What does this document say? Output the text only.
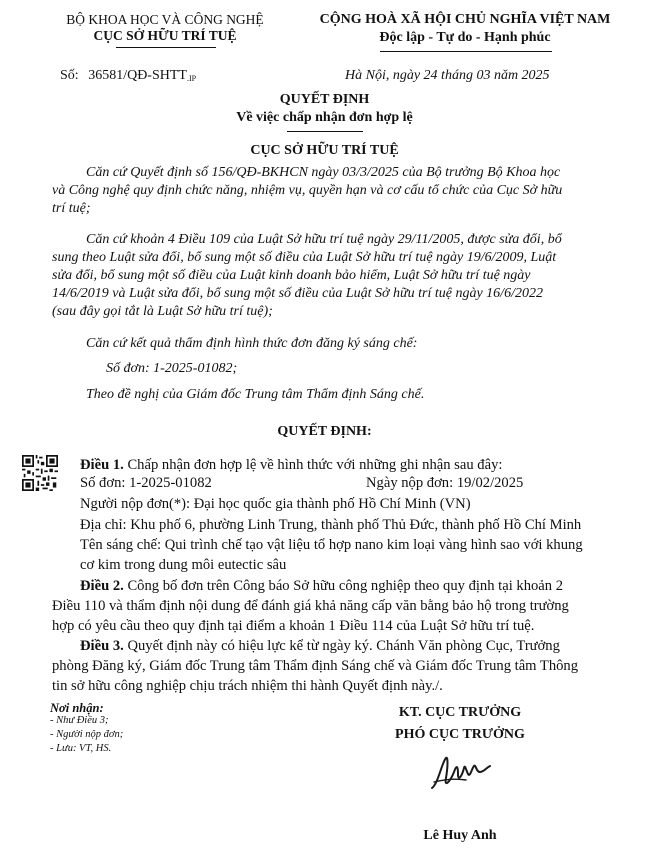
BỘ KHOA HỌC VÀ CÔNG NGHỆ
CỤC SỞ HỮU TRÍ TUỆ
CỘNG HOÀ XÃ HỘI CHỦ NGHĨA VIỆT NAM
Độc lập - Tự do - Hạnh phúc
Số: 36581/QĐ-SHTT.IP	Hà Nội, ngày 24 tháng 03 năm 2025
QUYẾT ĐỊNH
Về việc chấp nhận đơn hợp lệ
CỤC SỞ HỮU TRÍ TUỆ
Căn cứ Quyết định số 156/QĐ-BKHCN ngày 03/3/2025 của Bộ trưởng Bộ Khoa học
và Công nghệ quy định chức năng, nhiệm vụ, quyền hạn và cơ cấu tổ chức của Cục Sở hữu
trí tuệ;
Căn cứ khoản 4 Điều 109 của Luật Sở hữu trí tuệ ngày 29/11/2005, được sửa đổi, bổ
sung theo Luật sửa đổi, bổ sung một số điều của Luật Sở hữu trí tuệ ngày 19/6/2009, Luật
sửa đổi, bổ sung một số điều của Luật kinh doanh bảo hiểm, Luật Sở hữu trí tuệ ngày
14/6/2019 và Luật sửa đổi, bổ sung một số điều của Luật Sở hữu trí tuệ ngày 16/6/2022
(sau đây gọi tắt là Luật Sở hữu trí tuệ);
Căn cứ kết quả thẩm định hình thức đơn đăng ký sáng chế:
Số đơn: 1-2025-01082;
Theo đề nghị của Giám đốc Trung tâm Thẩm định Sáng chế.
QUYẾT ĐỊNH:
Điều 1. Chấp nhận đơn hợp lệ về hình thức với những ghi nhận sau đây:
Số đơn: 1-2025-01082	Ngày nộp đơn: 19/02/2025
Người nộp đơn(*): Đại học quốc gia thành phố Hồ Chí Minh (VN)
Địa chỉ: Khu phố 6, phường Linh Trung, thành phố Thủ Đức, thành phố Hồ Chí Minh
Tên sáng chế: Qui trình chế tạo vật liệu tổ hợp nano kim loại vàng hình sao với khung
cơ kim trong dung môi eutectic sâu
Điều 2. Công bố đơn trên Công báo Sở hữu công nghiệp theo quy định tại khoản 2
Điều 110 và thẩm định nội dung để đánh giá khả năng cấp văn bằng bảo hộ trong trường
hợp có yêu cầu theo quy định tại điểm a khoản 1 Điều 114 của Luật Sở hữu trí tuệ.
Điều 3. Quyết định này có hiệu lực kể từ ngày ký. Chánh Văn phòng Cục, Trưởng
phòng Đăng ký, Giám đốc Trung tâm Thẩm định Sáng chế và Giám đốc Trung tâm Thông
tin sở hữu công nghiệp chịu trách nhiệm thi hành Quyết định này./.
Nơi nhận:
- Như Điều 3;
- Người nộp đơn;
- Lưu: VT, HS.
KT. CỤC TRƯỞNG
PHÓ CỤC TRƯỞNG
Lê Huy Anh
